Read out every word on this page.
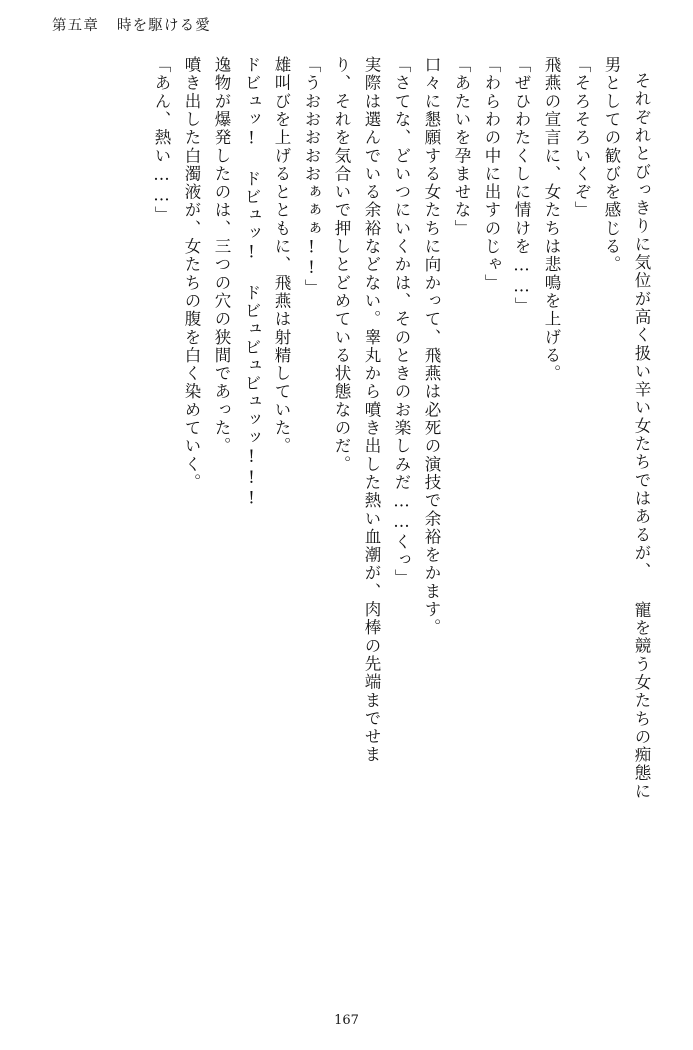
第五章 時を駆ける愛
それぞれとびっきりに気位が高く扱い辛い女たちではあるが、 寵を競う女たちの痴態に
男としての歓びを感じる。
「そろそろいくぞ」
飛燕の宣言に、女たちは悲鳴を上げる。
「ぜひわたくしに情けを……」
「わらわの中に出すのじゃ」
「あたいを孕ませな」
口々に懇願する女たちに向かって、飛燕は必死の演技で余裕をかます。
「さてな、どいつにいくかは、そのときのお楽しみだ……くっ」
実際は選んでいる余裕などない。睾丸から噴き出した熱い血潮が、肉棒の先端までせま
り、それを気合いで押しとどめている状態なのだ。
「うおおおおおぁぁぁ!!」
雄叫びを上げるとともに、飛燕は射精していた。
ドビュッ! ドビュッ! ドビュビュビュッッ!!!
逸物が爆発したのは、三つの穴の狭間であった。
噴き出した白濁液が、女たちの腹を白く染めていく。
「あん、熱い……」
167
